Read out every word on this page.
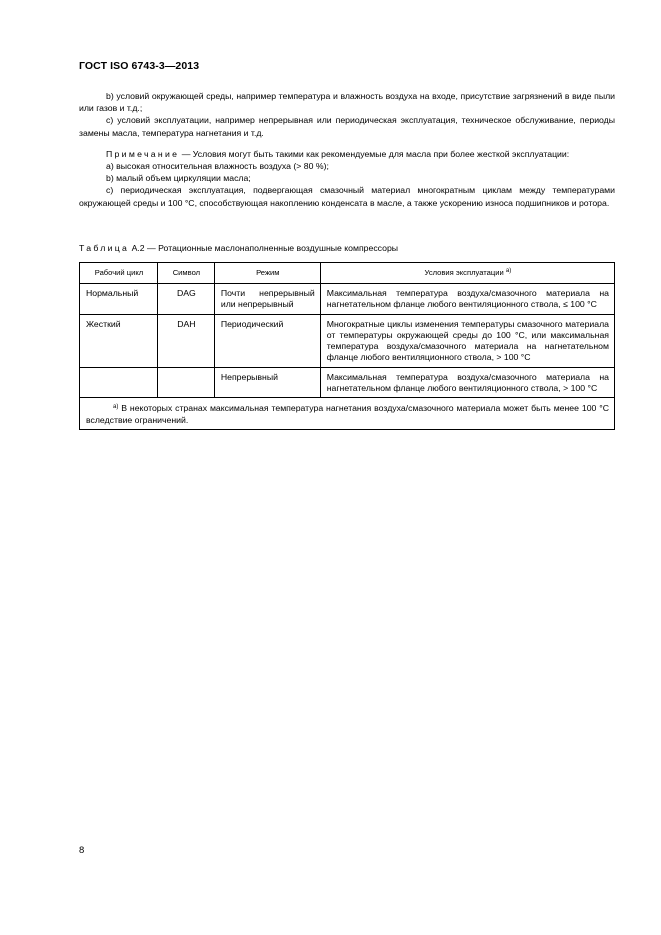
ГОСТ ISO 6743-3—2013

b) условий окружающей среды, например температура и влажность воздуха на входе, присутствие загрязнений в виде пыли или газов и т.д.;

c) условий эксплуатации, например непрерывная или периодическая эксплуатация, техническое обслуживание, периоды замены масла, температура нагнетания и т.д.

Примечание — Условия могут быть такими как рекомендуемые для масла при более жесткой эксплуатации:

a) высокая относительная влажность воздуха (> 80 %);

b) малый объем циркуляции масла;

c) периодическая эксплуатация, подвергающая смазочный материал многократным циклам между температурами окружающей среды и 100 °C, способствующая накоплению конденсата в масле, а также ускорению износа подшипников и ротора.

Таблица А.2 — Ротационные маслонаполненные воздушные компрессоры
Рабочий цикл	Символ	Режим	Условия эксплуатации $^{a)}$
Нормальный	DAG	Почти непрерывный или непрерывный	Максимальная температура воздуха/смазочного материала на нагнетательном фланце любого вентиляционного ствола, ≤ 100 °C
Жесткий	DAH	Периодический	Многократные циклы изменения температуры смазочного материала от температуры окружающей среды до 100 °C, или максимальная температура воздуха/смазочного материала на нагнетательном фланце любого вентиляционного ствола, > 100 °C
		Непрерывный	Максимальная температура воздуха/смазочного материала на нагнетательном фланце любого вентиляционного ствола, > 100 °C
$^{a)}$ В некоторых странах максимальная температура нагнетания воздуха/смазочного материала может быть менее 100 °C вследствие ограничений.			
8
